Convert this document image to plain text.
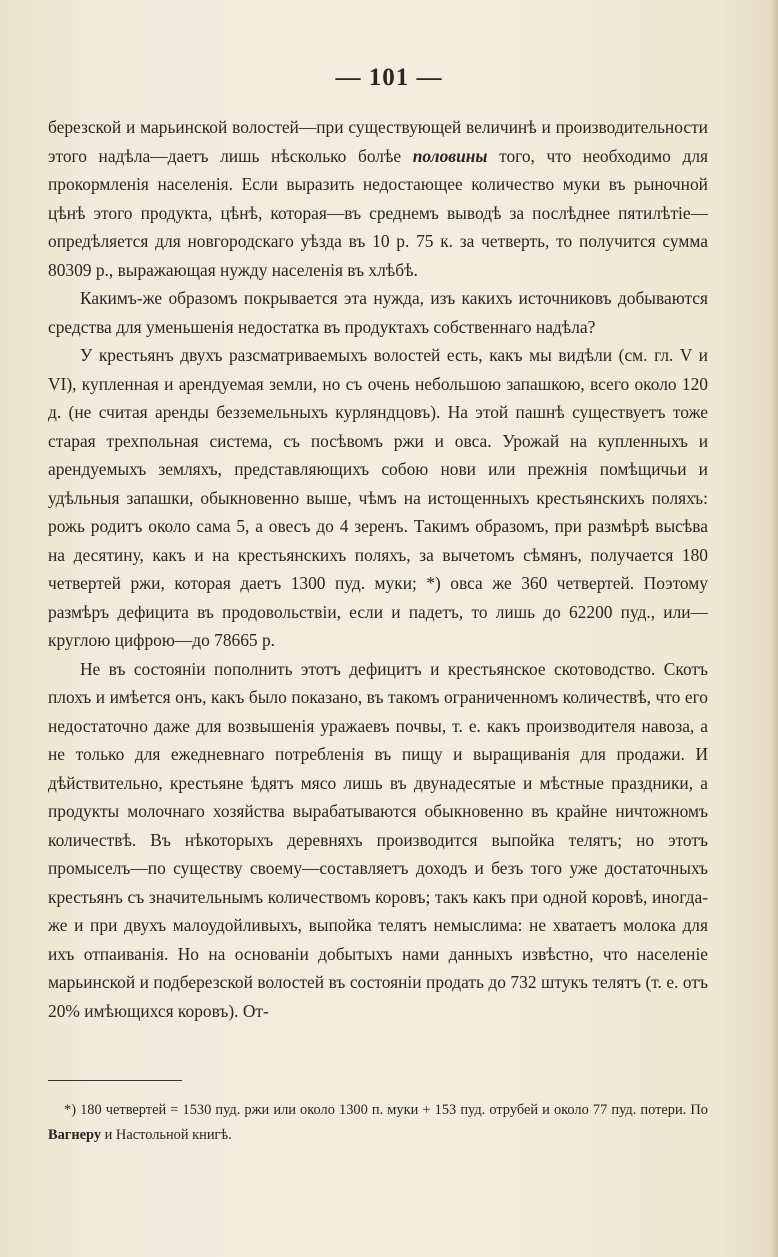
— 101 —

березской и марьинской волостей—при существующей величинѣ и производительности этого надѣла—даетъ лишь нѣсколько болѣе половины того, что необходимо для прокормленія населенія. Если выразить недостающее количество муки въ рыночной цѣнѣ этого продукта, цѣнѣ, которая—въ среднемъ выводѣ за послѣднее пятилѣтіе—опредѣляется для новгородскаго уѣзда въ 10 р. 75 к. за четверть, то получится сумма 80309 р., выражающая нужду населенія въ хлѣбѣ.

Какимъ-же образомъ покрывается эта нужда, изъ какихъ источниковъ добываются средства для уменьшенія недостатка въ продуктахъ собственнаго надѣла?

У крестьянъ двухъ разсматриваемыхъ волостей есть, какъ мы видѣли (см. гл. V и VI), купленная и арендуемая земли, но съ очень небольшою запашкою, всего около 120 д. (не считая аренды безземельныхъ курляндцовъ). На этой пашнѣ существуетъ тоже старая трехпольная система, съ посѣвомъ ржи и овса. Урожай на купленныхъ и арендуемыхъ земляхъ, представляющихъ собою нови или прежнія помѣщичьи и удѣльныя запашки, обыкновенно выше, чѣмъ на истощенныхъ крестьянскихъ поляхъ: рожь родитъ около сама 5, а овесъ до 4 зеренъ. Такимъ образомъ, при размѣрѣ высѣва на десятину, какъ и на крестьянскихъ поляхъ, за вычетомъ сѣмянъ, получается 180 четвертей ржи, которая даетъ 1300 пуд. муки; *) овса же 360 четвертей. Поэтому размѣръ дефицита въ продовольствіи, если и падетъ, то лишь до 62200 пуд., или—круглою цифрою—до 78665 р.

Не въ состояніи пополнить этотъ дефицитъ и крестьянское скотоводство. Скотъ плохъ и имѣется онъ, какъ было показано, въ такомъ ограниченномъ количествѣ, что его недостаточно даже для возвышенія уражаевъ почвы, т. е. какъ производителя навоза, а не только для ежедневнаго потребленія въ пищу и выращиванія для продажи. И дѣйствительно, крестьяне ѣдятъ мясо лишь въ двунадесятые и мѣстные праздники, а продукты молочнаго хозяйства вырабатываются обыкновенно въ крайне ничтожномъ количествѣ. Въ нѣкоторыхъ деревняхъ производится выпойка телятъ; но этотъ промыселъ—по существу своему—составляетъ доходъ и безъ того уже достаточныхъ крестьянъ съ значительнымъ количествомъ коровъ; такъ какъ при одной коровѣ, иногда-же и при двухъ малоудойливыхъ, выпойка телятъ немыслима: не хватаетъ молока для ихъ отпаиванія. Но на основаніи добытыхъ нами данныхъ извѣстно, что населеніе марьинской и подберезской волостей въ состояніи продать до 732 штукъ телятъ (т. е. отъ 20% имѣющихся коровъ). От-

*) 180 четвертей = 1530 пуд. ржи или около 1300 п. муки + 153 пуд. отрубей и около 77 пуд. потери. По Вагнеру и Настольной книгѣ.
